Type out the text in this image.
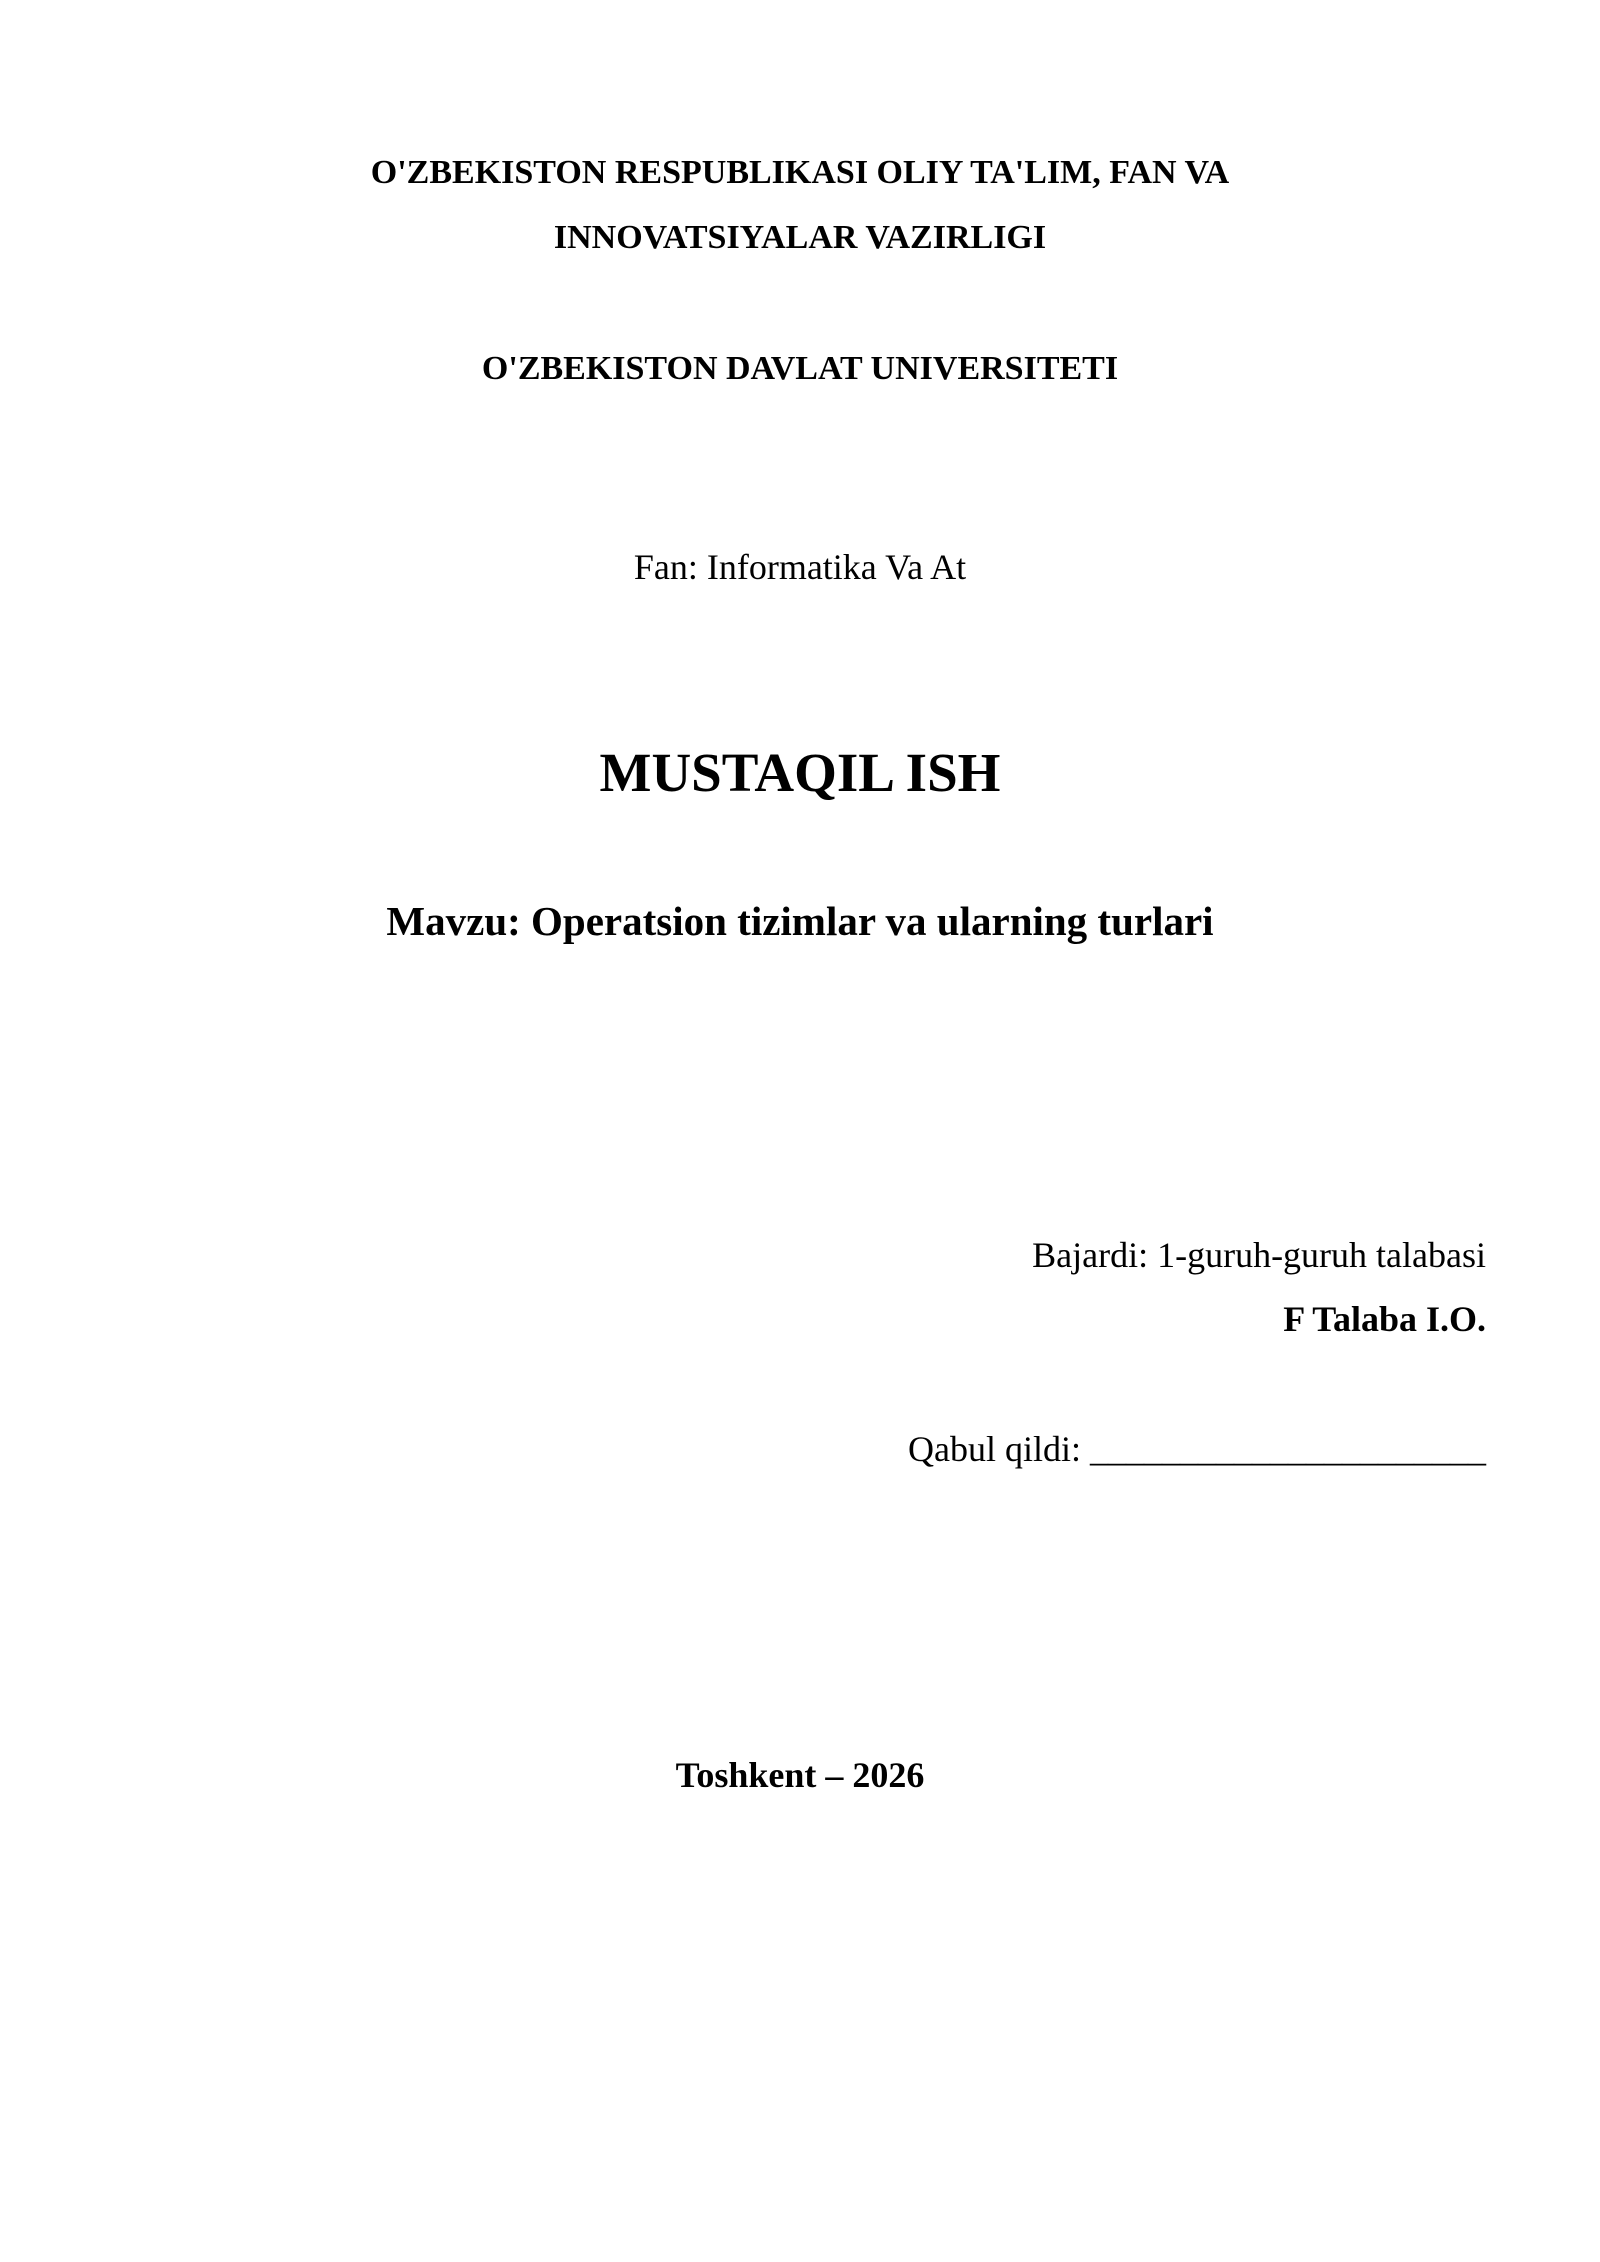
O'ZBEKISTON RESPUBLIKASI OLIY TA'LIM, FAN VA

INNOVATSIYALAR VAZIRLIGI

O'ZBEKISTON DAVLAT UNIVERSITETI

Fan: Informatika Va At

MUSTAQIL ISH

Mavzu: Operatsion tizimlar va ularning turlari

Bajardi: 1-guruh-guruh talabasi

F Talaba I.O.

Qabul qildi: ______________________

Toshkent – 2026
